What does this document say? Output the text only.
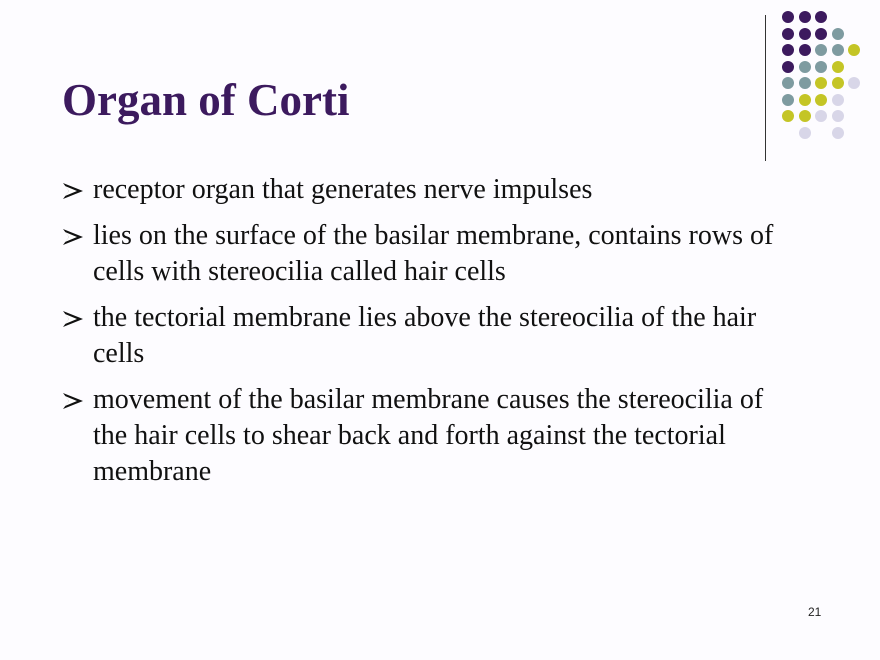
Organ of Corti
receptor organ that generates nerve impulses
lies on the surface of the basilar membrane, contains rows of cells with stereocilia called hair cells
the tectorial membrane lies above the stereocilia of the hair cells
movement of the basilar membrane causes the stereocilia of the hair cells to shear back and forth against the tectorial membrane
21
